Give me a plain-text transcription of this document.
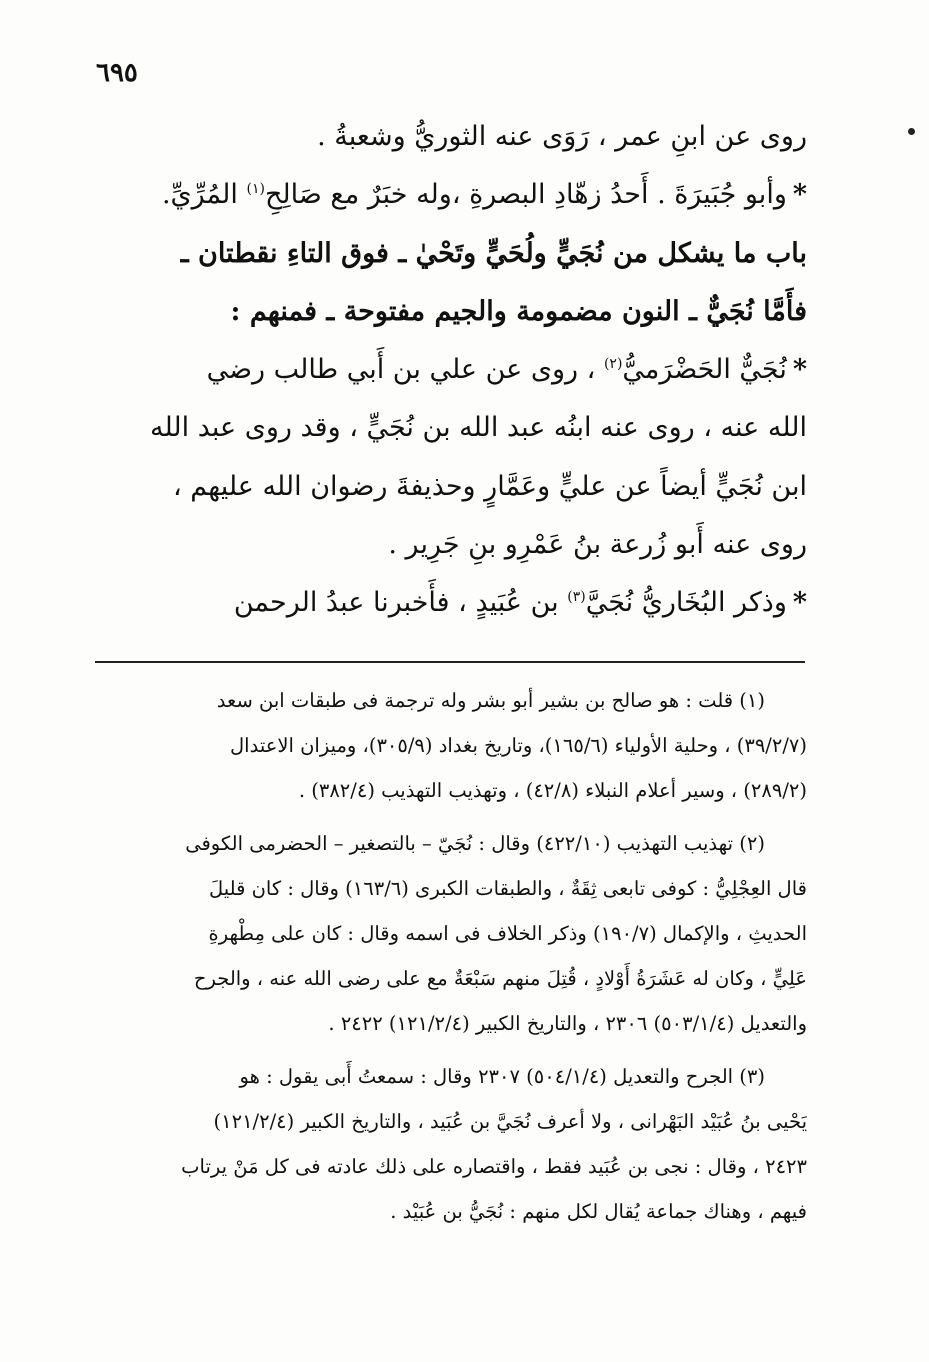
٦٩٥
روى عن ابنِ عمر ، رَوَى عنه الثوريُّ وشعبةُ .
*وأبو جُبَيرَةَ . أَحدُ زهّادِ البصرةِ ،وله خبَرٌ مع صَالِحِ$^{(١)}$ المُرِّيِّ.
باب ما يشكل من نُجَيٍّ ولُحَيٍّ وتَحْيٰ ـ فوق التاءِ نقطتان ـ
فأَمَّا نُجَيٌّ ـ النون مضمومة والجيم مفتوحة ـ فمنهم :
*نُجَيٌّ الحَضْرَميُّ$^{(٢)}$ ، روى عن علي بن أَبي طالب رضي
الله عنه ، روى عنه ابنُه عبد الله بن نُجَيٍّ ، وقد روى عبد الله
ابن نُجَيٍّ أيضاً عن عليٍّ وعَمَّارٍ وحذيفةَ رضوان الله عليهم ،
روى عنه أَبو زُرعة بنُ عَمْرِو بنِ جَرِير .
*وذكر البُخَاريُّ نُجَيَّ$^{(٣)}$ بن عُبَيدٍ ، فأَخبرنا عبدُ الرحمن
(١) قلت : هو صالح بن بشير أبو بشر وله ترجمة فى طبقات ابن سعد
(٣٩/٢/٧) ، وحلية الأولياء (١٦٥/٦)، وتاريخ بغداد (٣٠٥/٩)، وميزان الاعتدال
(٢٨٩/٢) ، وسير أعلام النبلاء (٤٢/٨) ، وتهذيب التهذيب (٣٨٢/٤) .
(٢) تهذيب التهذيب (٤٢٢/١٠) وقال : نُجَيّ – بالتصغير – الحضرمى الكوفى
قال العِجْلِيُّ : كوفى تابعى ثِقَةٌ ، والطبقات الكبرى (١٦٣/٦) وقال : كان قليلَ
الحديثِ ، والإكمال (١٩٠/٧) وذكر الخلاف فى اسمه وقال : كان على مِطْهرةِ
عَلِيٍّ ، وكان له عَشَرَةُ أَوْلادٍ ، قُتِلَ منهم سَبْعَةٌ مع على رضى الله عنه ، والجرح
والتعديل (٥٠٣/١/٤) ٢٣٠٦ ، والتاريخ الكبير (١٢١/٢/٤) ٢٤٢٢ .
(٣) الجرح والتعديل (٥٠٤/١/٤) ٢٣٠٧ وقال : سمعتُ أَبى يقول : هو
يَحْيى بنُ عُبَيْد البَهْرانى ، ولا أعرف نُجَيَّ بن عُبَيد ، والتاريخ الكبير (١٢١/٢/٤)
٢٤٢٣ ، وقال : نجى بن عُبَيد فقط ، واقتصاره على ذلك عادته فى كل مَنْ يرتاب
فيهم ، وهناك جماعة يُقال لكل منهم : نُجَيُّ بن عُبَيْد .
